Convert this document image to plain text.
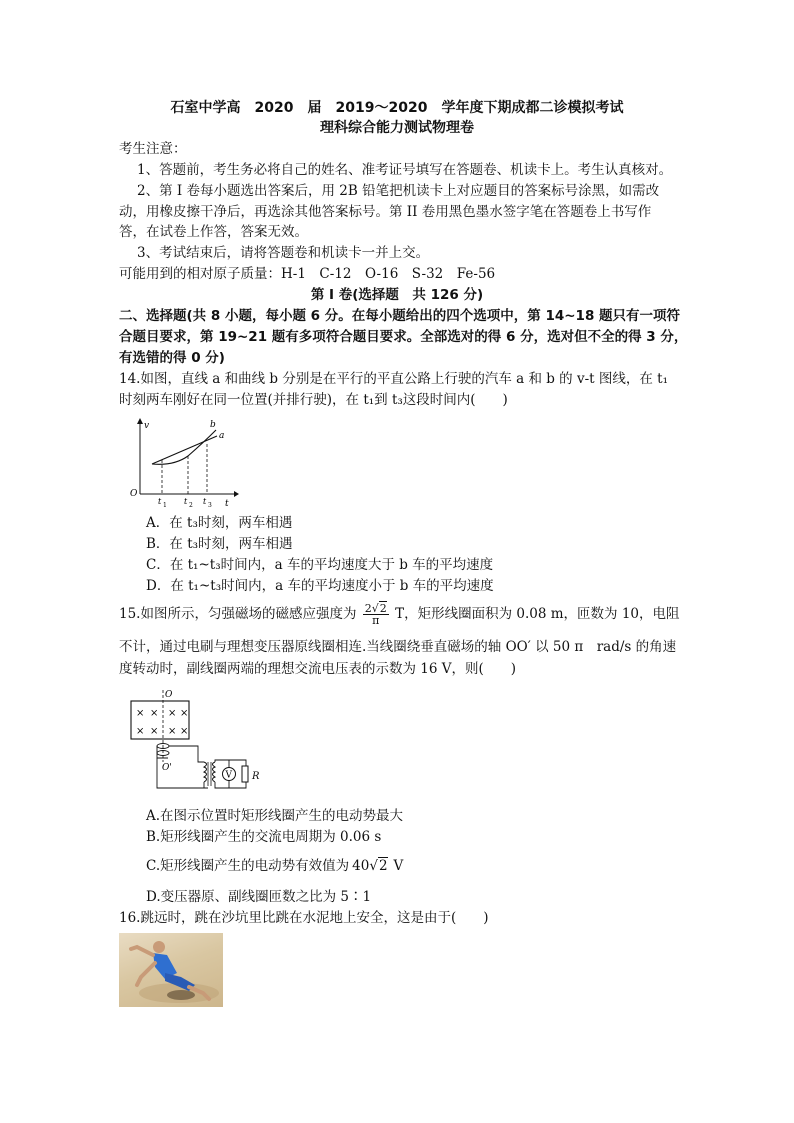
石室中学高　2020　届　2019～2020　学年度下期成都二诊模拟考试
理科综合能力测试物理卷
考生注意：
1、答题前，考生务必将自己的姓名、准考证号填写在答题卷、机读卡上。考生认真核对。
2、第 I 卷每小题选出答案后，用 2B 铅笔把机读卡上对应题目的答案标号涂黑，如需改
动，用橡皮擦干净后，再选涂其他答案标号。第 II 卷用黑色墨水签字笔在答题卷上书写作
答，在试卷上作答，答案无效。
3、考试结束后，请将答题卷和机读卡一并上交。
可能用到的相对原子质量：H-1　C-12　O-16　S-32　Fe-56
第 I 卷(选择题　共 126 分)
二、选择题(共 8 小题，每小题 6 分。在每小题给出的四个选项中，第 14~18 题只有一项符
合题目要求，第 19~21 题有多项符合题目要求。全部选对的得 6 分，选对但不全的得 3 分，
有选错的得 0 分)
14.如图，直线 a 和曲线 b 分别是在平行的平直公路上行驶的汽车 a 和 b 的 v-t 图线，在 t₁
时刻两车刚好在同一位置(并排行驶)，在 t₁到 t₃这段时间内(　　)
v
O
t
t 1 t 2 t 3
b
a
A．在 t₃时刻，两车相遇
B．在 t₃时刻，两车相遇
C．在 t₁~t₃时间内，a 车的平均速度大于 b 车的平均速度
D．在 t₁~t₃时间内，a 车的平均速度小于 b 车的平均速度
15.如图所示，匀强磁场的磁感应强度为 $\frac{2√2}{\pi}$ T，矩形线圈面积为 0.08 m，匝数为 10，电阻
不计，通过电刷与理想变压器原线圈相连.当线圈绕垂直磁场的轴 OO′ 以 50 π　rad/s 的角速
度转动时，副线圈两端的理想交流电压表的示数为 16 V，则(　　)
O
× × × ×
× × × ×
O'
V R
A.在图示位置时矩形线圈产生的电动势最大
B.矩形线圈产生的交流电周期为 0.06 s
C.矩形线圈产生的电动势有效值为 40√2 V
D.变压器原、副线圈匝数之比为 5∶1
16.跳远时，跳在沙坑里比跳在水泥地上安全，这是由于(　　)
